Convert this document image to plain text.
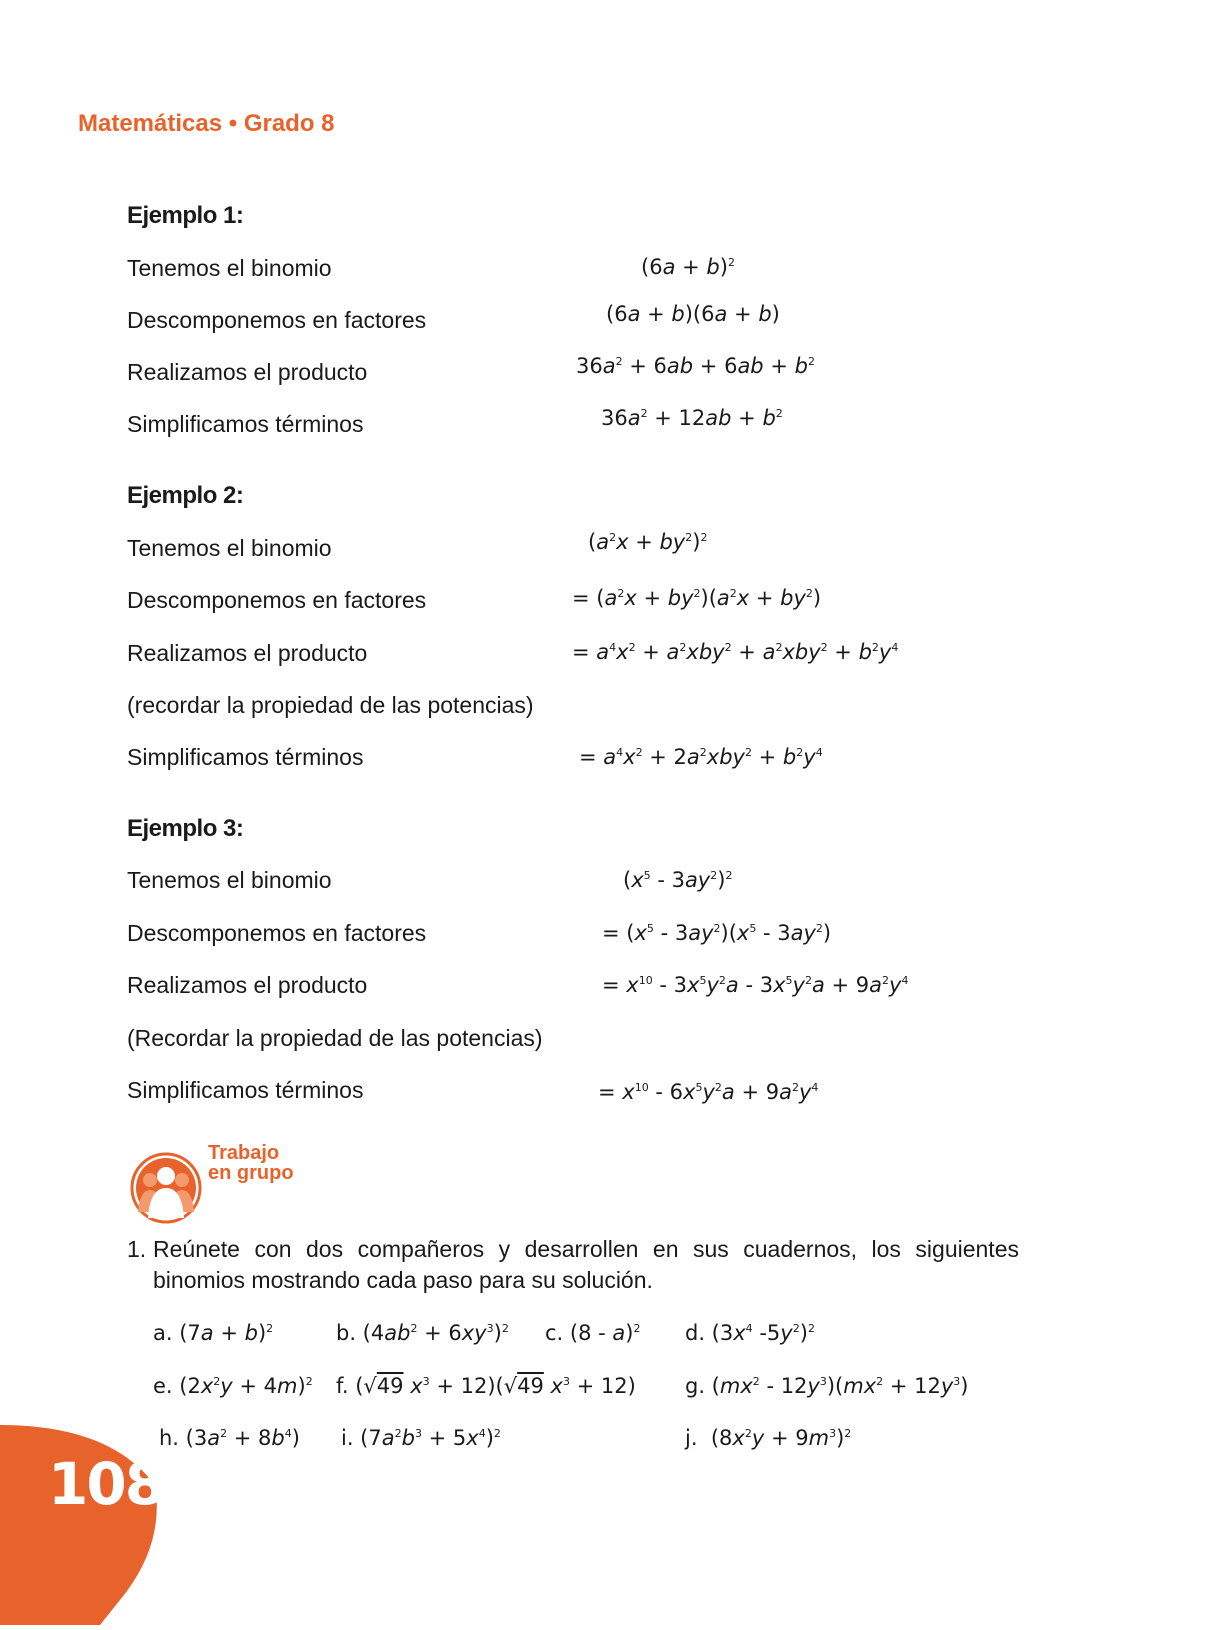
Matemáticas • Grado 8
Ejemplo 1:
Tenemos el binomio	$(6a + b)^2$
Descomponemos en factores	(6a + b)(6a + b)
Realizamos el producto	$36a^2 + 6ab + 6ab + b^2$
Simplificamos términos	$36a^2 + 12ab + b^2$
Ejemplo 2:
Tenemos el binomio	$(a^2x + by^2)^2$
Descomponemos en factores	= $(a^2x + by^2)(a^2x + by^2)$
Realizamos el producto	= $a^4x^2 + a^2xby^2 + a^2xby^2 + b^2y^4$
(recordar la propiedad de las potencias)
Simplificamos términos	= $a^4x^2 + 2a^2xby^2 + b^2y^4$
Ejemplo 3:
Tenemos el binomio	$(x^5 - 3ay^2)^2$
Descomponemos en factores	= $(x^5 - 3ay^2)(x^5 - 3ay^2)$
Realizamos el producto	= $x^{10} - 3x^5y^2a - 3x^5y^2a + 9a^2y^4$
(Recordar la propiedad de las potencias)
Simplificamos términos	= $x^{10} - 6x^5y^2a + 9a^2y^4$
Trabajo
en grupo
1. Reúnete con dos compañeros y desarrollen en sus cuadernos, los siguientes binomios mostrando cada paso para su solución.
a. $(7a + b)^2$	b. $(4ab^2 + 6xy^3)^2$ c. (8 - a)$^2$ d. ($3x^4$ $-5y^2)^2$
e. $(2x^2y + 4m)^2$ f. (√49 $x^3 + 12)(√49$ $x^3 + 12$) g. $(mx^2 - 12y^3)(mx^2 + 12y^3)$
h. $(3a^2 + 8b^4)$ i. $(7a^2b^3 + 5x^4)^2$	j.  $(8x^2y + 9m^3)^2$
108
